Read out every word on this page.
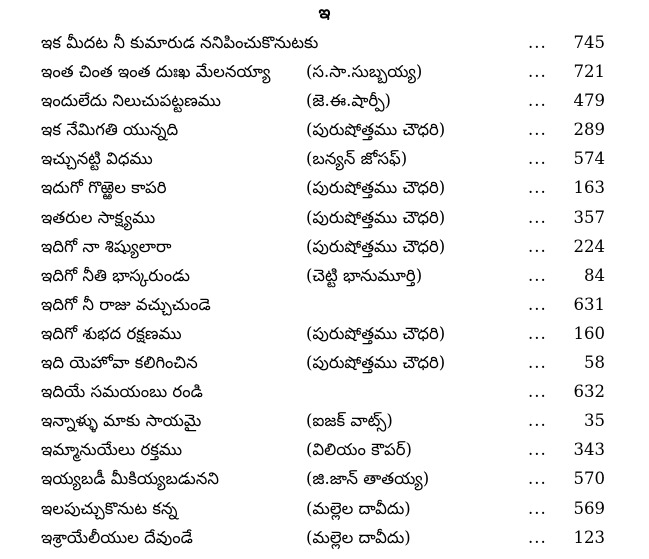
ఇ
ఇక మీదట నీ కుమారుడ ననిపించుకొనుటకు	... 745
ఇంత చింత ఇంత దుఃఖ మేలనయ్యా (స.సా.సుబ్బయ్య)	... 721
ఇందులేదు నిలుచుపట్టణము	(జె.ఈ.షార్పీ)	... 479
ఇక నేమిగతి యున్నది	(పురుషోత్తము చౌధరి)	... 289
ఇచ్చునట్టి విధము	(బన్యన్ జోసఫ్)	... 574
ఇదుగో గొఱ్ఱెల కాపరి	(పురుషోత్తము చౌధరి)	... 163
ఇతరుల సాక్ష్యము	(పురుషోత్తము చౌధరి)	... 357
ఇదిగో నా శిష్యులారా	(పురుషోత్తము చౌధరి)	... 224
ఇదిగో నీతి భాస్కరుండు	(చెట్టి భానుమూర్తి)	... 84
ఇదిగో నీ రాజు వచ్చుచుండె	... 631
ఇదిగో శుభద రక్షణము	(పురుషోత్తము చౌధరి)	... 160
ఇది యెహోవా కలిగించిన	(పురుషోత్తము చౌధరి)	... 58
ఇదియే సమయంబు రండి	... 632
ఇన్నాళ్ళు మాకు సాయమై	(ఐజక్ వాట్స్)	... 35
ఇమ్మానుయేలు రక్తము	(విలియం కౌపర్)	... 343
ఇయ్యబడీ మీకియ్యబడునని	(జి.జాన్ తాతయ్య)	... 570
ఇలపుచ్చుకొనుట కన్న	(మల్లెల దావీదు)	... 569
ఇశ్రాయేలీయుల దేవుండే	(మల్లెల దావీదు)	... 123
